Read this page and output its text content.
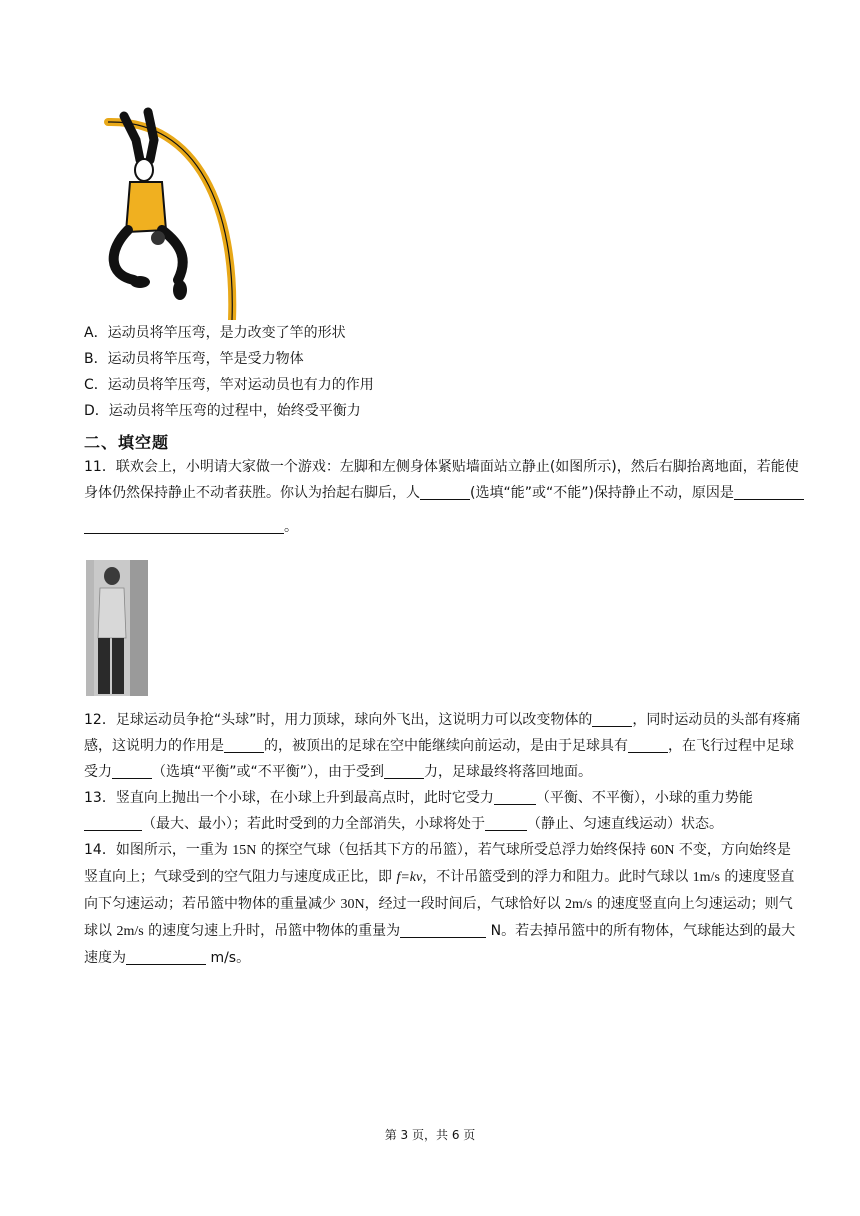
A．运动员将竿压弯，是力改变了竿的形状
B．运动员将竿压弯，竿是受力物体
C．运动员将竿压弯，竿对运动员也有力的作用
D．运动员将竿压弯的过程中，始终受平衡力
二、填空题

11．联欢会上，小明请大家做一个游戏：左脚和左侧身体紧贴墙面站立静止(如图所示)，然后右脚抬离地面，若能使身体仍然保持静止不动者获胜。你认为抬起右脚后，人	(选填“能”或“不能”)保持静止不动，原因是

。

12．足球运动员争抢“头球”时，用力顶球，球向外飞出，这说明力可以改变物体的	，同时运动员的头部有疼痛感，这说明力的作用是	的，被顶出的足球在空中能继续向前运动，是由于足球具有	，在飞行过程中足球受力	（选填“平衡”或“不平衡”），由于受到	力，足球最终将落回地面。

13．竖直向上抛出一个小球，在小球上升到最高点时，此时它受力	（平衡、不平衡），小球的重力势能（最大、最小）；若此时受到的力全部消失，小球将处于	（静止、匀速直线运动）状态。

14．如图所示，一重为 15N 的探空气球（包括其下方的吊篮），若气球所受总浮力始终保持 60N 不变，方向始终是竖直向上；气球受到的空气阻力与速度成正比，即 f=kv，不计吊篮受到的浮力和阻力。此时气球以 1m/s 的速度竖直向下匀速运动；若吊篮中物体的重量减少 30N，经过一段时间后，气球恰好以 2m/s 的速度竖直向上匀速运动；则气球以 2m/s 的速度匀速上升时，吊篮中物体的重量为	N。若去掉吊篮中的所有物体，气球能达到的最大速度为	m/s。

第 3 页，共 6 页
